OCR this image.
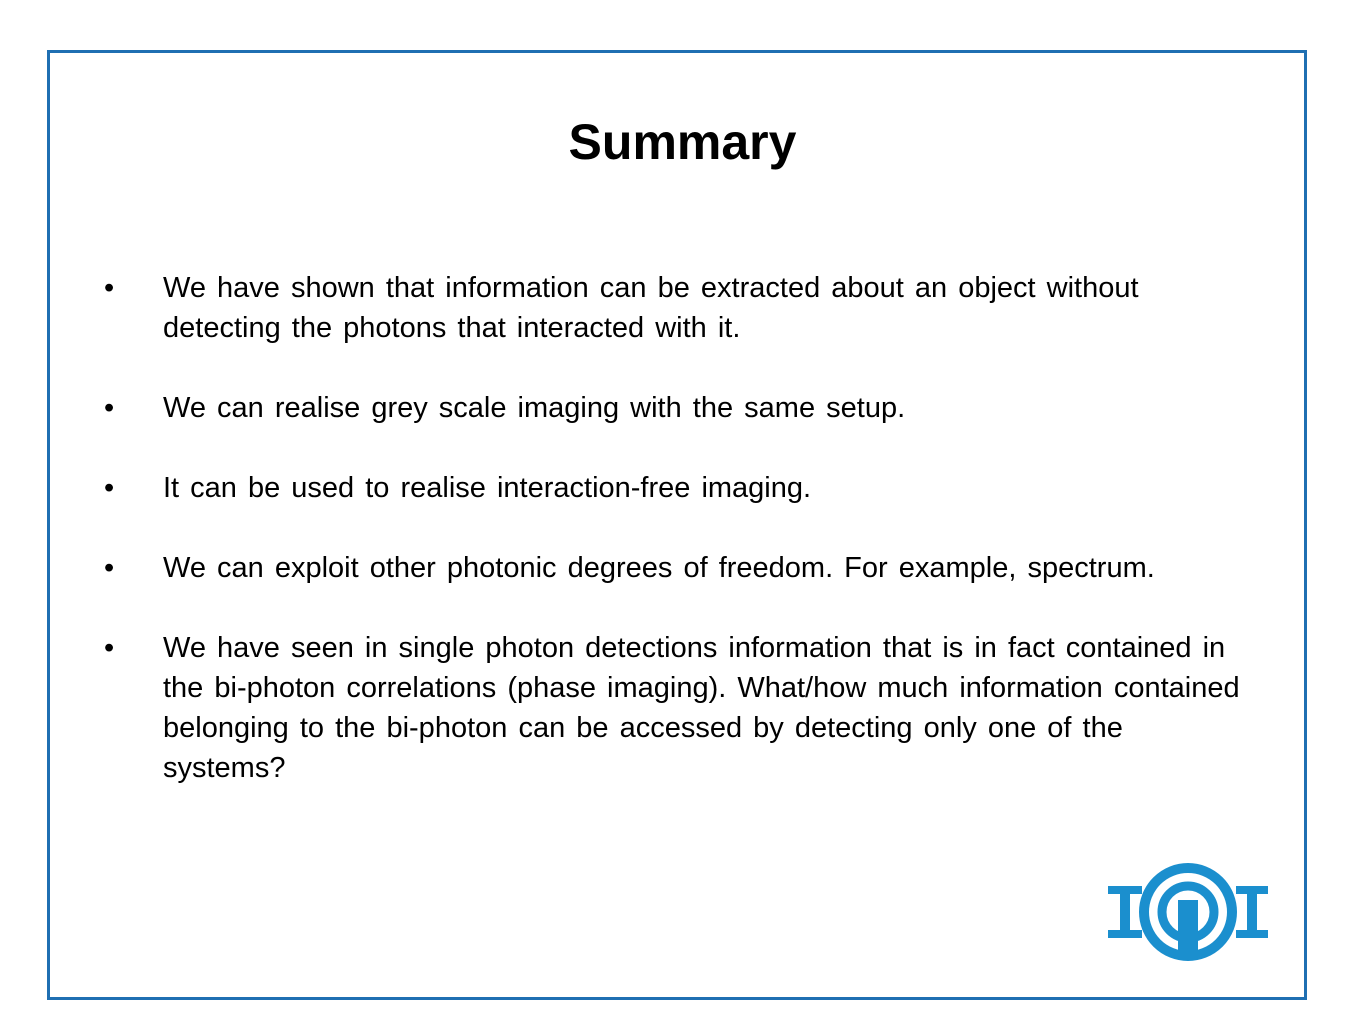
Summary
• We have shown that information can be extracted about an object without detecting the photons that interacted with it.
• We can realise grey scale imaging with the same setup.
• It can be used to realise interaction-free imaging.
• We can exploit other photonic degrees of freedom. For example, spectrum.
• We have seen in single photon detections information that is in fact contained in the bi-photon correlations (phase imaging). What/how much information contained belonging to the bi-photon can be accessed by detecting only one of the systems?
